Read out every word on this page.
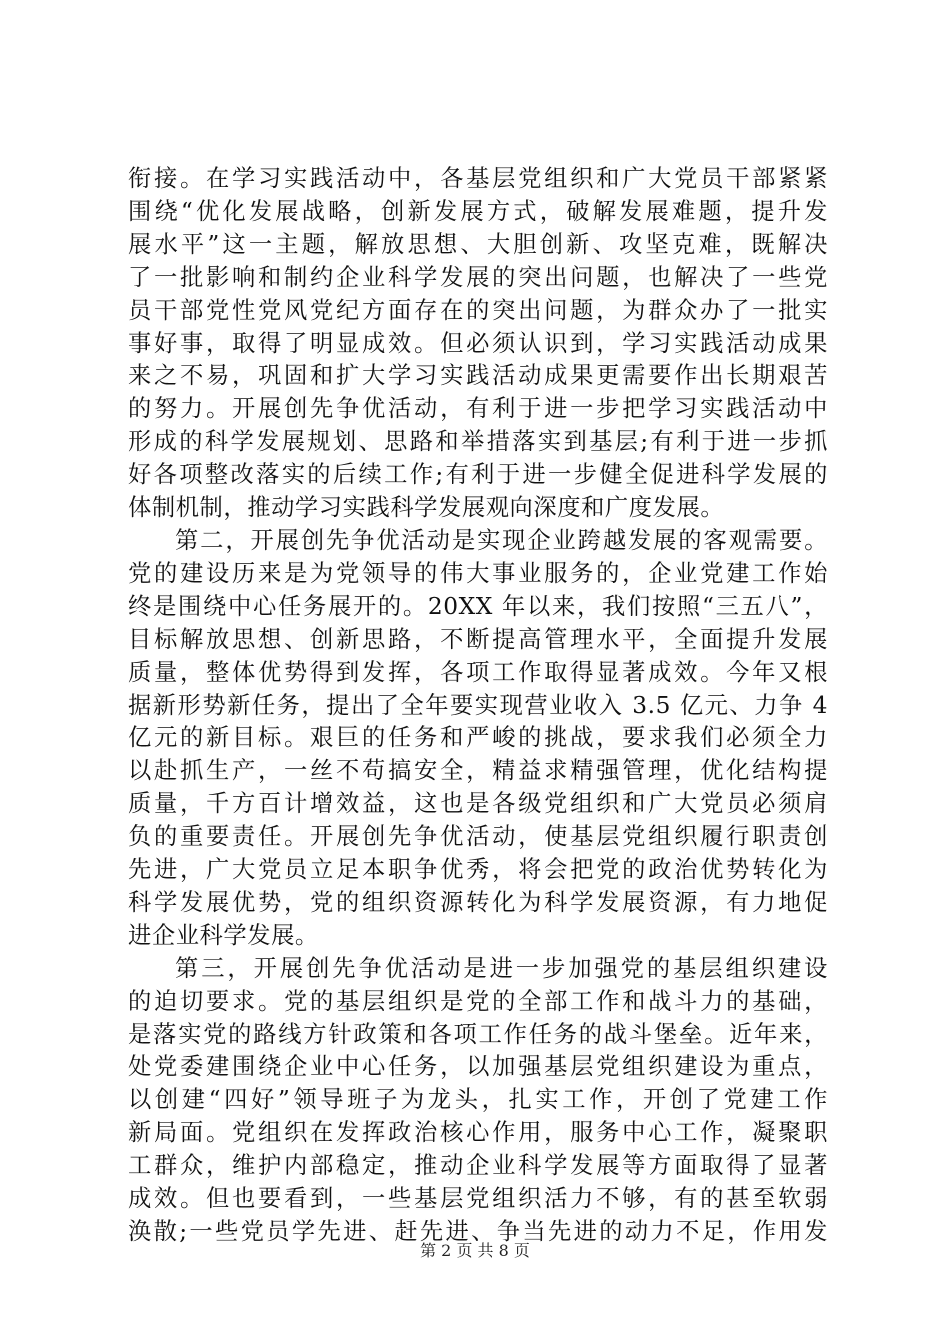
衔接。在学习实践活动中，各基层党组织和广大党员干部紧紧

围绕“优化发展战略，创新发展方式，破解发展难题，提升发

展水平”这一主题，解放思想、大胆创新、攻坚克难，既解决

了一批影响和制约企业科学发展的突出问题，也解决了一些党

员干部党性党风党纪方面存在的突出问题，为群众办了一批实

事好事，取得了明显成效。但必须认识到，学习实践活动成果

来之不易，巩固和扩大学习实践活动成果更需要作出长期艰苦

的努力。开展创先争优活动，有利于进一步把学习实践活动中

形成的科学发展规划、思路和举措落实到基层;有利于进一步抓

好各项整改落实的后续工作;有利于进一步健全促进科学发展的

体制机制，推动学习实践科学发展观向深度和广度发展。

第二，开展创先争优活动是实现企业跨越发展的客观需要。

党的建设历来是为党领导的伟大事业服务的，企业党建工作始

终是围绕中心任务展开的。20XX 年以来，我们按照“三五八”，

目标解放思想、创新思路，不断提高管理水平，全面提升发展

质量，整体优势得到发挥，各项工作取得显著成效。今年又根

据新形势新任务，提出了全年要实现营业收入 3.5 亿元、力争 4

亿元的新目标。艰巨的任务和严峻的挑战，要求我们必须全力

以赴抓生产，一丝不苟搞安全，精益求精强管理，优化结构提

质量，千方百计增效益，这也是各级党组织和广大党员必须肩

负的重要责任。开展创先争优活动，使基层党组织履行职责创

先进，广大党员立足本职争优秀，将会把党的政治优势转化为

科学发展优势，党的组织资源转化为科学发展资源，有力地促

进企业科学发展。

第三，开展创先争优活动是进一步加强党的基层组织建设

的迫切要求。党的基层组织是党的全部工作和战斗力的基础，

是落实党的路线方针政策和各项工作任务的战斗堡垒。近年来，

处党委建围绕企业中心任务，以加强基层党组织建设为重点，

以创建“四好”领导班子为龙头，扎实工作，开创了党建工作

新局面。党组织在发挥政治核心作用，服务中心工作，凝聚职

工群众，维护内部稳定，推动企业科学发展等方面取得了显著

成效。但也要看到，一些基层党组织活力不够，有的甚至软弱

涣散;一些党员学先进、赶先进、争当先进的动力不足，作用发

第 2 页 共 8 页
